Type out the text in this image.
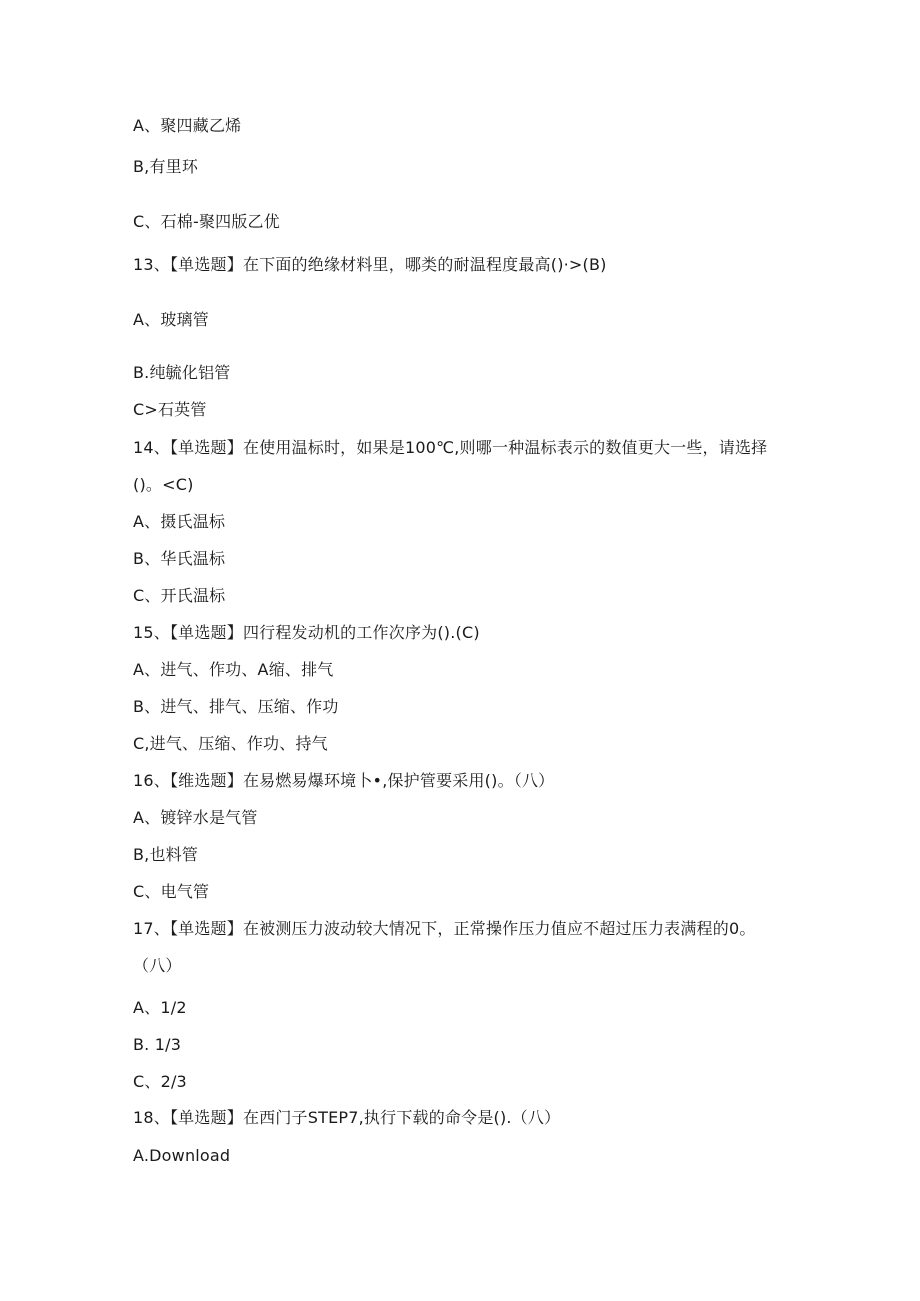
A、聚四藏乙烯
B,有里环
C、石棉-聚四版乙优
13、【单选题】在下面的绝缘材料里，哪类的耐温程度最高()·>(B)
A、玻璃管
B.纯毓化铝管
C>石英管
14、【单选题】在使用温标时，如果是100℃,则哪一种温标表示的数值更大一些，请选择
()。<C)
A、摄氏温标
B、华氏温标
C、开氏温标
15、【单选题】四行程发动机的工作次序为().(C)
A、进气、作功、A缩、排气
B、进气、排气、压缩、作功
C,进气、压缩、作功、持气
16、【维选题】在易燃易爆环境卜•,保护管要采用()。（八）
A、镀锌水是气管
B,也料管
C、电气管
17、【单选题】在被测压力波动较大情况下，正常操作压力值应不超过压力表满程的0。
（八）
A、1/2
B. 1/3
C、2/3
18、【单选题】在西门子STEP7,执行下载的命令是().（八）
A.Download
